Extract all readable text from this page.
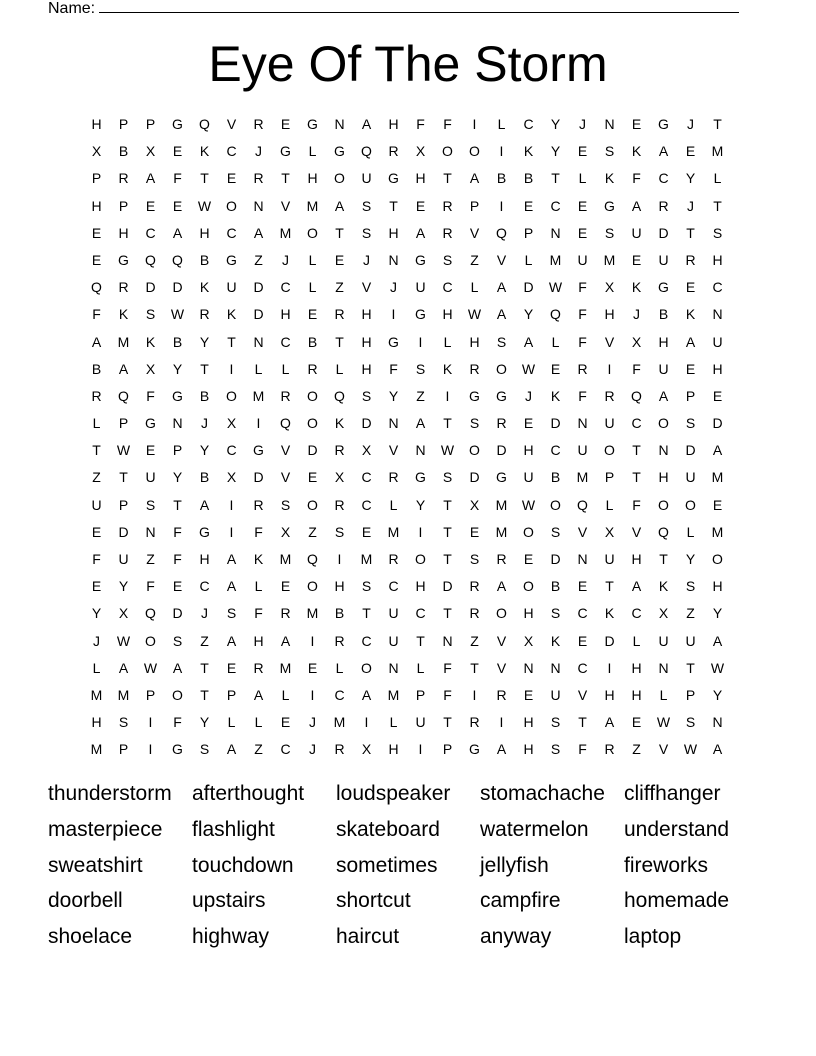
Name:
Eye Of The Storm
H	P	P	G	Q	V	R	E	G	N	A	H	F	F	I	L	C	Y	J	N	E	G	J	T
X	B	X	E	K	C	J	G	L	G	Q	R	X	O	O	I	K	Y	E	S	K	A	E	M
P	R	A	F	T	E	R	T	H	O	U	G	H	T	A	B	B	T	L	K	F	C	Y	L
H	P	E	E	W	O	N	V	M	A	S	T	E	R	P	I	E	C	E	G	A	R	J	T
E	H	C	A	H	C	A	M	O	T	S	H	A	R	V	Q	P	N	E	S	U	D	T	S
E	G	Q	Q	B	G	Z	J	L	E	J	N	G	S	Z	V	L	M	U	M	E	U	R	H
Q	R	D	D	K	U	D	C	L	Z	V	J	U	C	L	A	D	W	F	X	K	G	E	C
F	K	S	W	R	K	D	H	E	R	H	I	G	H	W	A	Y	Q	F	H	J	B	K	N
A	M	K	B	Y	T	N	C	B	T	H	G	I	L	H	S	A	L	F	V	X	H	A	U
B	A	X	Y	T	I	L	L	R	L	H	F	S	K	R	O	W	E	R	I	F	U	E	H
R	Q	F	G	B	O	M	R	O	Q	S	Y	Z	I	G	G	J	K	F	R	Q	A	P	E
L	P	G	N	J	X	I	Q	O	K	D	N	A	T	S	R	E	D	N	U	C	O	S	D
T	W	E	P	Y	C	G	V	D	R	X	V	N	W	O	D	H	C	U	O	T	N	D	A
Z	T	U	Y	B	X	D	V	E	X	C	R	G	S	D	G	U	B	M	P	T	H	U	M
U	P	S	T	A	I	R	S	O	R	C	L	Y	T	X	M	W	O	Q	L	F	O	O	E
E	D	N	F	G	I	F	X	Z	S	E	M	I	T	E	M	O	S	V	X	V	Q	L	M
F	U	Z	F	H	A	K	M	Q	I	M	R	O	T	S	R	E	D	N	U	H	T	Y	O
E	Y	F	E	C	A	L	E	O	H	S	C	H	D	R	A	O	B	E	T	A	K	S	H
Y	X	Q	D	J	S	F	R	M	B	T	U	C	T	R	O	H	S	C	K	C	X	Z	Y
J	W	O	S	Z	A	H	A	I	R	C	U	T	N	Z	V	X	K	E	D	L	U	U	A
L	A	W	A	T	E	R	M	E	L	O	N	L	F	T	V	N	N	C	I	H	N	T	W
M	M	P	O	T	P	A	L	I	C	A	M	P	F	I	R	E	U	V	H	H	L	P	Y
H	S	I	F	Y	L	L	E	J	M	I	L	U	T	R	I	H	S	T	A	E	W	S	N
M	P	I	G	S	A	Z	C	J	R	X	H	I	P	G	A	H	S	F	R	Z	V	W	A
thunderstorm afterthought	loudspeaker	stomachache cliffhanger
masterpiece	flashlight	skateboard	watermelon	understand
sweatshirt	touchdown	sometimes	jellyfish	fireworks
doorbell	upstairs	shortcut	campfire	homemade
shoelace	highway	haircut	anyway	laptop
